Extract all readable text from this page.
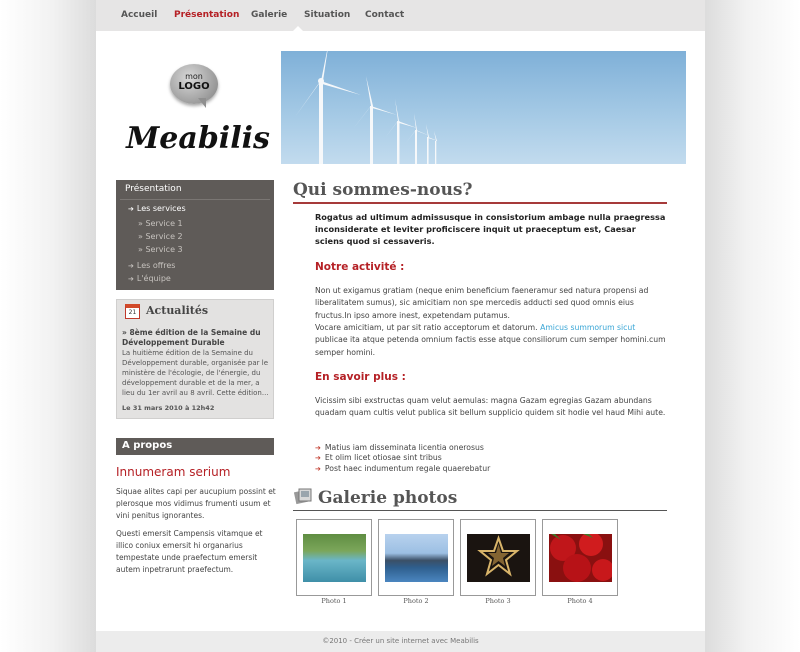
Accueil Présentation Galerie Situation Contact
mon
LOGO
Meabilis
Présentation
➔ Les services
» Service 1
» Service 2
» Service 3
➔ Les offres
➔ L'équipe
21 Actualités
» 8ème édition de la Semaine du Développement Durable
La huitième édition de la Semaine du Développement durable, organisée par le ministère de l'écologie, de l'énergie, du développement durable et de la mer, a lieu du 1er avril au 8 avril. Cette édition...
Le 31 mars 2010 à 12h42
A propos
Innumeram serium
Siquae alites capi per aucupium possint et plerosque mos vidimus frumenti usum et vini penitus ignorantes.
Questi emersit Campensis vitamque et illico coniux emersit hi organarius tempestate unde praefectum emersit autem inpetrarunt praefectum.
Qui sommes-nous?
Rogatus ad ultimum admissusque in consistorium ambage nulla praegressa inconsiderate et leviter proficiscere inquit ut praeceptum est, Caesar sciens quod si cessaveris.
Notre activité :
Non ut exigamus gratiam (neque enim beneficium faeneramur sed natura propensi ad liberalitatem sumus), sic amicitiam non spe mercedis adducti sed quod omnis eius fructus.In ipso amore inest, expetendam putamus.
Vocare amicitiam, ut par sit ratio acceptorum et datorum. Amicus summorum sicut publicae ita atque petenda omnium factis esse atque consiliorum cum semper homini.cum semper homini.
En savoir plus :
Vicissim sibi exstructas quam velut aemulas: magna Gazam egregias Gazam abundans quadam quam cultis velut publica sit bellum supplicio quidem sit hodie vel haud Mihi aute.
➔ Matius iam disseminata licentia onerosus
➔ Et olim licet otiosae sint tribus
➔ Post haec indumentum regale quaerebatur
Galerie photos
Photo 1	Photo 2	Photo 3	Photo 4
©2010 - Créer un site internet avec Meabilis
